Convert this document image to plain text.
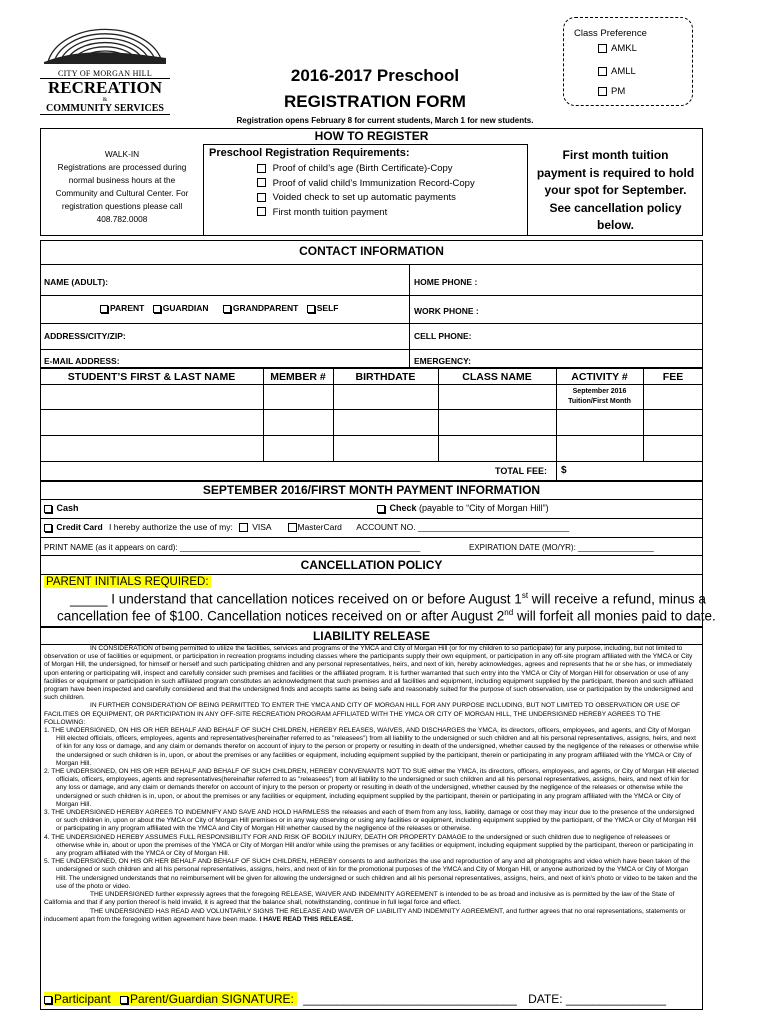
CITY OF MORGAN HILL
RECREATION
&
COMMUNITY SERVICES
2016-2017 Preschool
REGISTRATION FORM
Registration opens February 8 for current students, March 1 for new students.
Class Preference
AMKL
AMLL
PM
HOW TO REGISTER
WALK-IN
Registrations are processed during
normal business hours at the
Community and Cultural Center. For
registration questions please call
408.782.0008
Preschool Registration Requirements:
Proof of child’s age (Birth Certificate)-Copy
Proof of valid child’s Immunization Record-Copy
Voided check to set up automatic payments
First month tuition payment
First month tuition
payment is required to hold
your spot for September.
See cancellation policy
below.
CONTACT INFORMATION
NAME (ADULT):	HOME PHONE :
PARENT GUARDIAN	GRANDPARENT SELF	WORK PHONE :
ADDRESS/CITY/ZIP:	CELL PHONE:
E-MAIL ADDRESS:	EMERGENCY:
STUDENT’S FIRST & LAST NAME	MEMBER #	BIRTHDATE	CLASS NAME	ACTIVITY #	FEE
September 2016
Tuition/First Month
TOTAL FEE: $
SEPTEMBER 2016/FIRST MONTH PAYMENT INFORMATION
Cash	Check (payable to “City of Morgan Hill”)
Credit Card I hereby authorize the use of my: VISA	MasterCard ACCOUNT NO. ________________________________
PRINT NAME (as it appears on card): ______________________________________________________	EXPIRATION DATE (MO/YR): _________________
CANCELLATION POLICY
PARENT INITIALS REQUIRED:
_____ I understand that cancellation notices received on or before August 1st will receive a refund, minus a
cancellation fee of $100. Cancellation notices received on or after August 2nd will forfeit all monies paid to date.
LIABILITY RELEASE
IN CONSIDERATION of being permitted to utilize the facilities, services and programs of the YMCA and City of Morgan Hill (or for my children to so participate) for any purpose, including, but not limited to observation or use of facilities or equipment, or participation in recreation programs including classes where the participants supply their own equipment, or participation in any off-site program affiliated with the YMCA or City of Morgan Hill, the undersigned, for himself or herself and such participating children and any personal representatives, heirs, and next of kin, hereby acknowledges, agrees and represents that he or she has, or immediately upon entering or participating will, inspect and carefully consider such premises and facilities or the affiliated program. It is further warranted that such entry into the YMCA or City of Morgan Hill for observation or use of any facilities or equipment or participation in such affiliated program constitutes an acknowledgment that such premises and all facilities and equipment, including equipment supplied by the participant, thereon and such affiliated program have been inspected and carefully considered and that the undersigned finds and accepts same as being safe and reasonably suited for the purpose of such observation, use or participation by the undersigned and such children.
IN FURTHER CONSIDERATION OF BEING PERMITTED TO ENTER THE YMCA AND CITY OF MORGAN HILL FOR ANY PURPOSE INCLUDING, BUT NOT LIMITED TO OBSERVATION OR USE OF FACILITIES OR EQUIPMENT, OR PARTICIPATION IN ANY OFF-SITE RECREATION PROGRAM AFFILIATED WITH THE YMCA OR CITY OF MORGAN HILL, THE UNDERSIGNED HEREBY AGREES TO THE FOLLOWING:
1. THE UNDERSIGNED, ON HIS OR HER BEHALF AND BEHALF OF SUCH CHILDREN, HEREBY RELEASES, WAIVES, AND DISCHARGES the YMCA, its directors, officers, employees, and agents, and City of Morgan Hill elected officials, officers, employees, agents and representatives(hereinafter referred to as "releasees") from all liability to the undersigned or such children and all his personal representatives, assigns, heirs, and next of kin for any loss or damage, and any claim or demands therefor on account of injury to the person or property or resulting in death of the undersigned, whether caused by the negligence of the releases or otherwise while the undersigned or such children is in, upon, or about the premises or any facilities or equipment, including equipment supplied by the participant, therein or participating in any program affiliated with the YMCA or City of Morgan Hill.
2. THE UNDERSIGNED, ON HIS OR HER BEHALF AND BEHALF OF SUCH CHILDREN, HEREBY CONVENANTS NOT TO SUE either the YMCA, its directors, officers, employees, and agents, or City of Morgan Hill elected officials, officers, employees, agents and representatives(hereinafter referred to as "releasees") from all liability to the undersigned or such children and all his personal representatives, assigns, heirs, and next of kin for any loss or damage, and any claim or demands therefor on account of injury to the person or property or resulting in death of the undersigned, whether caused by the negligence of the releases or otherwise while the undersigned or such children is in, upon, or about the premises or any facilities or equipment, including equipment supplied by the participant, therein or participating in any program affiliated with the YMCA or City of Morgan Hill.
3. THE UNDERSIGNED HEREBY AGREES TO INDEMNIFY AND SAVE AND HOLD HARMLESS the releases and each of them from any loss, liability, damage or cost they may incur due to the presence of the undersigned or such children in, upon or about the YMCA or City of Morgan Hill premises or in any way observing or using any facilities or equipment, including equipment supplied by the participant, of the YMCA or City of Morgan Hill or participating in any program affiliated with the YMCA and City of Morgan Hill whether caused by the negligence of the releases or otherwise.
4. THE UNDERSIGNED HEREBY ASSUMES FULL RESPONSIBILITY FOR AND RISK OF BODILY INJURY, DEATH OR PROPERTY DAMAGE to the undersigned or such children due to negligence of releasees or otherwise while in, about or upon the premises of the YMCA or City of Morgan Hill and/or while using the premises or any facilities or equipment, including equipment supplied by the participant, thereon or participating in any program affiliated with the YMCA or City of Morgan Hill.
5. THE UNDERSIGNED, ON HIS OR HER BEHALF AND BEHALF OF SUCH CHILDREN, HEREBY consents to and authorizes the use and reproduction of any and all photographs and video which have been taken of the undersigned or such children and all his personal representatives, assigns, heirs, and next of kin for the promotional purposes of the YMCA and City of Morgan Hill, or anyone authorized by the YMCA or City of Morgan Hill. The undersigned understands that no reimbursement will be given for allowing the undersigned or such children and all his personal representatives, assigns, heirs, and next of kin’s photo or video to be taken and the use of the photo or video.
THE UNDERSIGNED further expressly agrees that the foregoing RELEASE, WAIVER AND INDEMNITY AGREEMENT is intended to be as broad and inclusive as is permitted by the law of the State of California and that if any portion thereof is held invalid, it is agreed that the balance shall, notwithstanding, continue in full legal force and effect.
THE UNDERSIGNED HAS READ AND VOLUNTARILY SIGNS THE RELEASE AND WAIVER OF LIABILITY AND INDEMNITY AGREEMENT, and further agrees that no oral representations, statements or inducement apart from the foregoing written agreement have been made. I HAVE READ THIS RELEASE.
Participant Parent/Guardian SIGNATURE: ________________________________ DATE: _______________
